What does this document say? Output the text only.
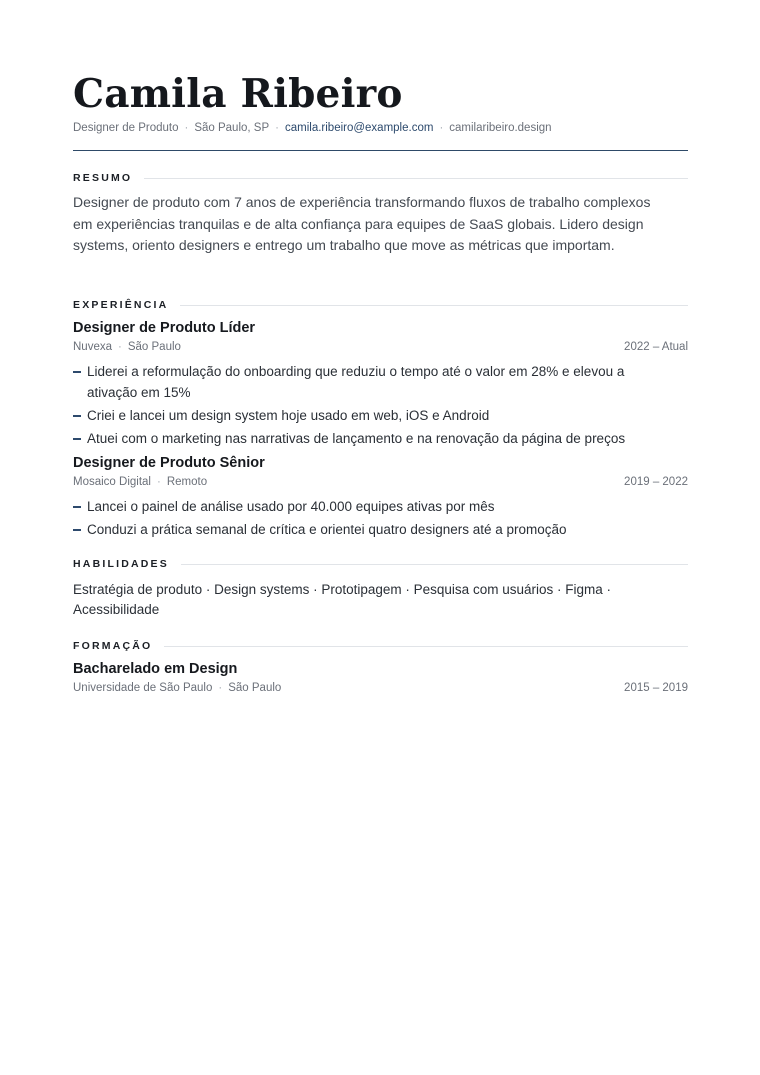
Camila Ribeiro
Designer de Produto · São Paulo, SP · camila.ribeiro@example.com · camilaribeiro.design
RESUMO
Designer de produto com 7 anos de experiência transformando fluxos de trabalho complexos em experiências tranquilas e de alta confiança para equipes de SaaS globais. Lidero design systems, oriento designers e entrego um trabalho que move as métricas que importam.
EXPERIÊNCIA
Designer de Produto Líder
Nuvexa · São Paulo	2022 – Atual
Liderei a reformulação do onboarding que reduziu o tempo até o valor em 28% e elevou a ativação em 15%
Criei e lancei um design system hoje usado em web, iOS e Android
Atuei com o marketing nas narrativas de lançamento e na renovação da página de preços
Designer de Produto Sênior
Mosaico Digital · Remoto	2019 – 2022
Lancei o painel de análise usado por 40.000 equipes ativas por mês
Conduzi a prática semanal de crítica e orientei quatro designers até a promoção
HABILIDADES
Estratégia de produto · Design systems · Prototipagem · Pesquisa com usuários · Figma · Acessibilidade
FORMAÇÃO
Bacharelado em Design
Universidade de São Paulo · São Paulo	2015 – 2019
